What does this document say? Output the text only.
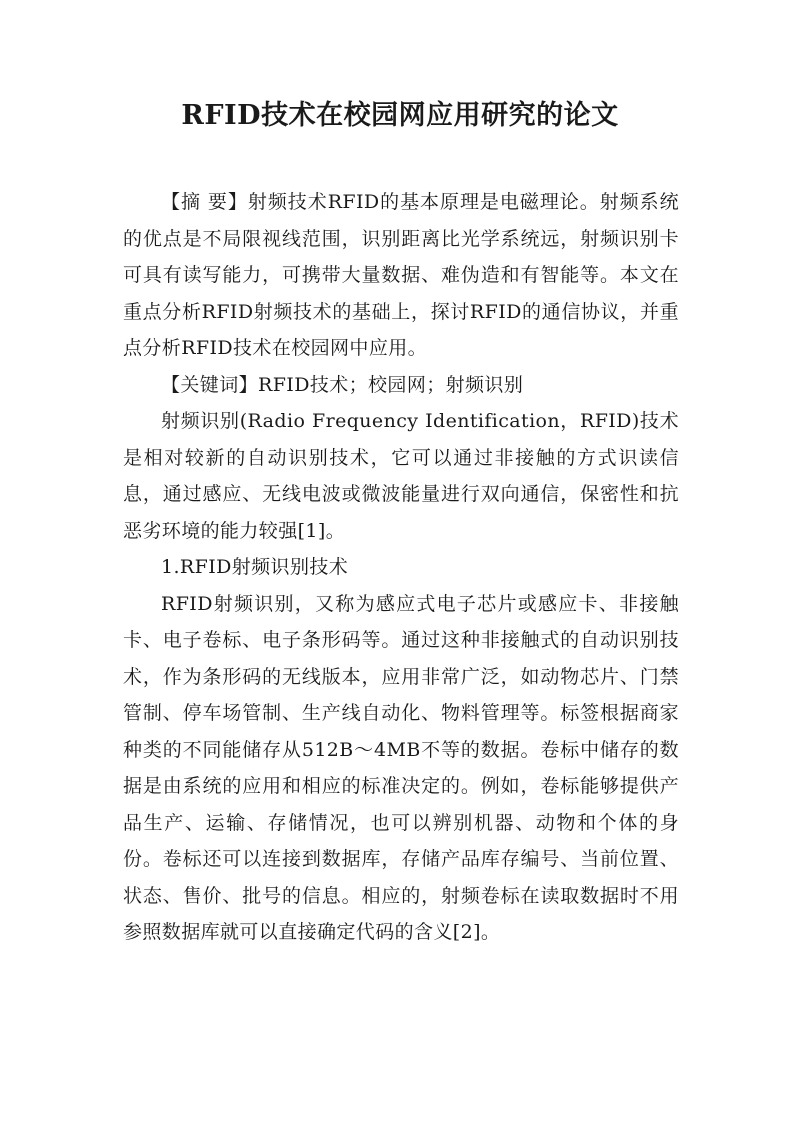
RFID技术在校园网应用研究的论文

【摘 要】射频技术RFID的基本原理是电磁理论。射频系统的优点是不局限视线范围，识别距离比光学系统远，射频识别卡可具有读写能力，可携带大量数据、难伪造和有智能等。本文在重点分析RFID射频技术的基础上，探讨RFID的通信协议，并重点分析RFID技术在校园网中应用。

【关键词】RFID技术；校园网；射频识别

射频识别(Radio Frequency Identification，RFID)技术是相对较新的自动识别技术，它可以通过非接触的方式识读信息，通过感应、无线电波或微波能量进行双向通信，保密性和抗恶劣环境的能力较强[1]。

1.RFID射频识别技术

RFID射频识别，又称为感应式电子芯片或感应卡、非接触卡、电子卷标、电子条形码等。通过这种非接触式的自动识别技术，作为条形码的无线版本，应用非常广泛，如动物芯片、门禁管制、停车场管制、生产线自动化、物料管理等。标签根据商家种类的不同能储存从512B～4MB不等的数据。卷标中储存的数据是由系统的应用和相应的标准决定的。例如，卷标能够提供产品生产、运输、存储情况，也可以辨别机器、动物和个体的身份。卷标还可以连接到数据库，存储产品库存编号、当前位置、状态、售价、批号的信息。相应的，射频卷标在读取数据时不用参照数据库就可以直接确定代码的含义[2]。
